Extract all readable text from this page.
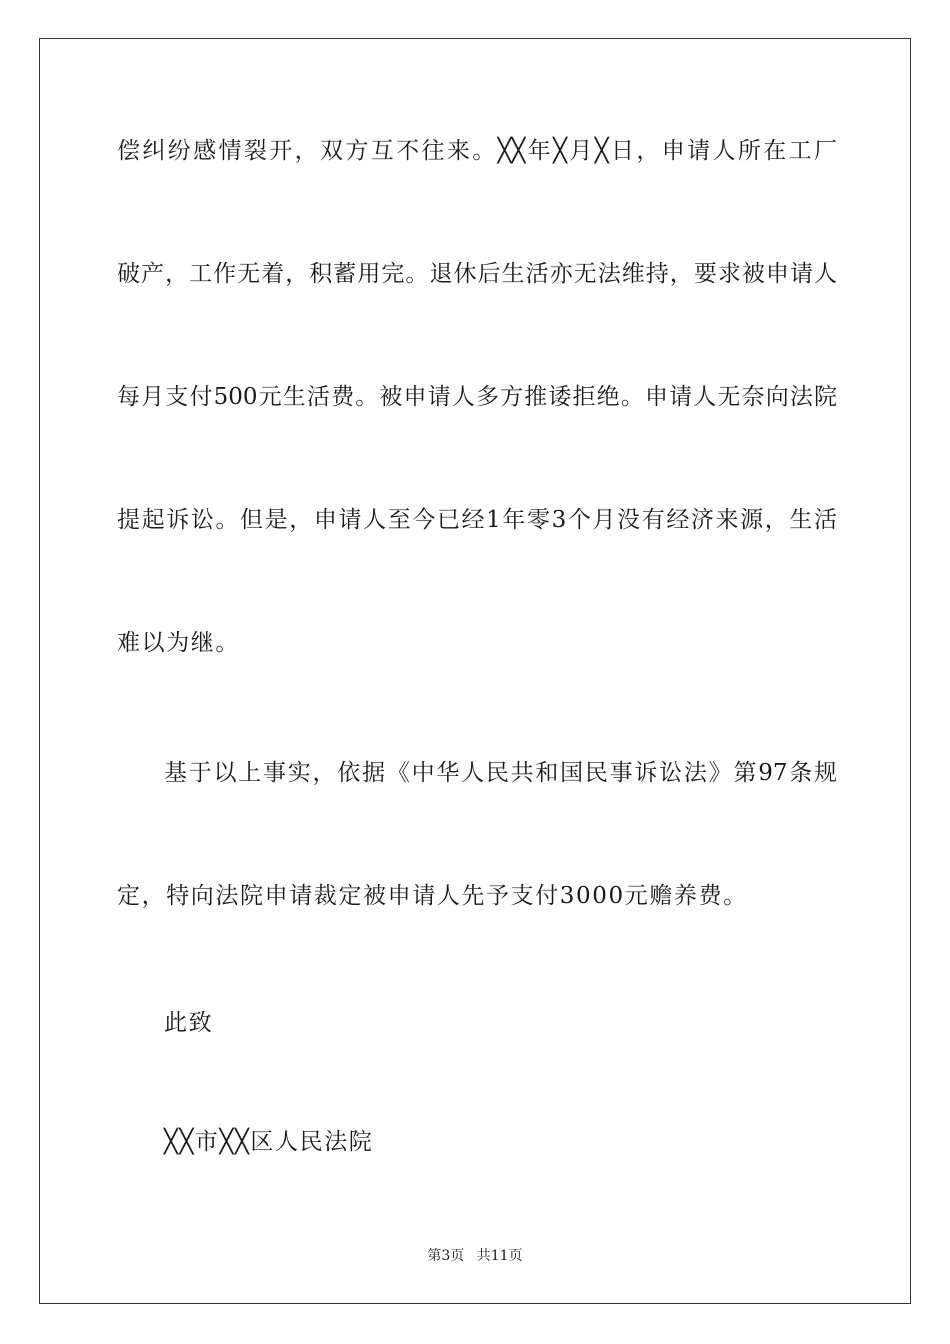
偿纠纷感情裂开，双方互不往来。╳╳年╳月╳日，申请人所在工厂
破产，工作无着，积蓄用完。退休后生活亦无法维持，要求被申请人
每月支付500元生活费。被申请人多方推诿拒绝。申请人无奈向法院
提起诉讼。但是，申请人至今已经1年零3个月没有经济来源，生活
难以为继。
基于以上事实，依据《中华人民共和国民事诉讼法》第97条规
定，特向法院申请裁定被申请人先予支付3000元赡养费。
此致
╳╳市╳╳区人民法院
第3页 共11页
